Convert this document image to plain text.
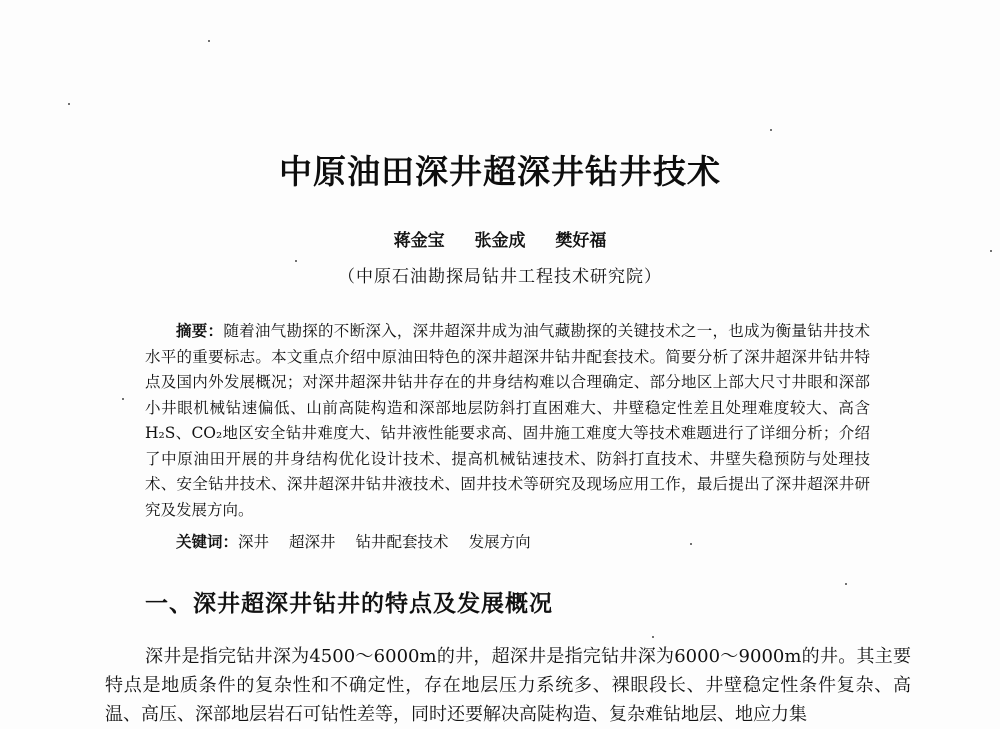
中原油田深井超深井钻井技术
蒋金宝 张金成 樊好福
（中原石油勘探局钻井工程技术研究院）
摘要：随着油气勘探的不断深入，深井超深井成为油气藏勘探的关键技术之一，也成为衡量钻井技术水平的重要标志。本文重点介绍中原油田特色的深井超深井钻井配套技术。简要分析了深井超深井钻井特点及国内外发展概况；对深井超深井钻井存在的井身结构难以合理确定、部分地区上部大尺寸井眼和深部小井眼机械钻速偏低、山前高陡构造和深部地层防斜打直困难大、井壁稳定性差且处理难度较大、高含H₂S、CO₂地区安全钻井难度大、钻井液性能要求高、固井施工难度大等技术难题进行了详细分析；介绍了中原油田开展的井身结构优化设计技术、提高机械钻速技术、防斜打直技术、井壁失稳预防与处理技术、安全钻井技术、深井超深井钻井液技术、固井技术等研究及现场应用工作，最后提出了深井超深井研究及发展方向。
关键词：深井 超深井 钻井配套技术 发展方向
一、深井超深井钻井的特点及发展概况
深井是指完钻井深为4500～6000m的井，超深井是指完钻井深为6000～9000m的井。其主要特点是地质条件的复杂性和不确定性，存在地层压力系统多、裸眼段长、井壁稳定性条件复杂、高温、高压、深部地层岩石可钻性差等，同时还要解决高陡构造、复杂难钻地层、地应力集
